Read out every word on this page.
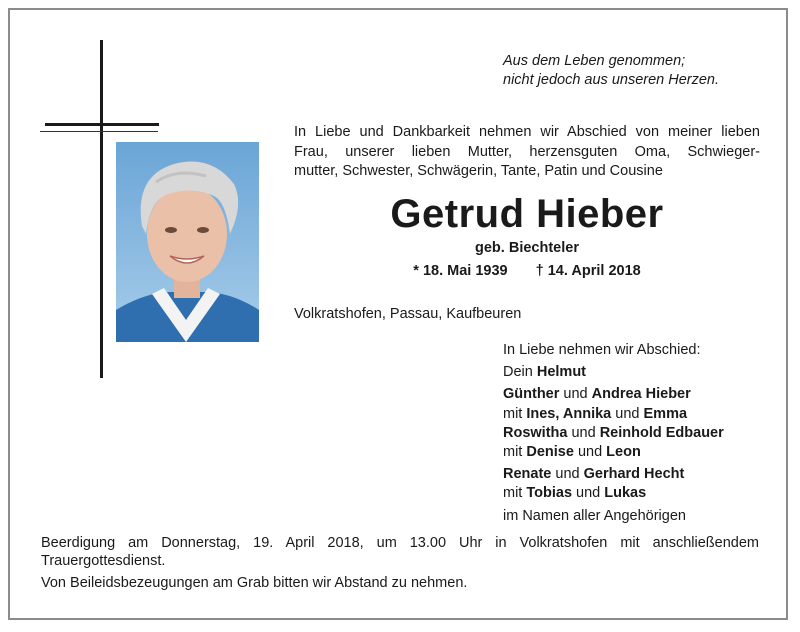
Aus dem Leben genommen;
nicht jedoch aus unseren Herzen.
In Liebe und Dankbarkeit nehmen wir Abschied von meiner lieben
Frau, unserer lieben Mutter, herzensguten Oma, Schwieger-
mutter, Schwester, Schwägerin, Tante, Patin und Cousine
Getrud Hieber
geb. Biechteler
* 18. Mai 1939 † 14. April 2018
Volkratshofen, Passau, Kaufbeuren
In Liebe nehmen wir Abschied:
Dein Helmut
Günther und Andrea Hieber
mit Ines, Annika und Emma
Roswitha und Reinhold Edbauer
mit Denise und Leon
Renate und Gerhard Hecht
mit Tobias und Lukas
im Namen aller Angehörigen
Beerdigung am Donnerstag, 19. April 2018, um 13.00 Uhr in Volkratshofen mit anschließendem
Trauergottesdienst.
Von Beileidsbezeugungen am Grab bitten wir Abstand zu nehmen.
